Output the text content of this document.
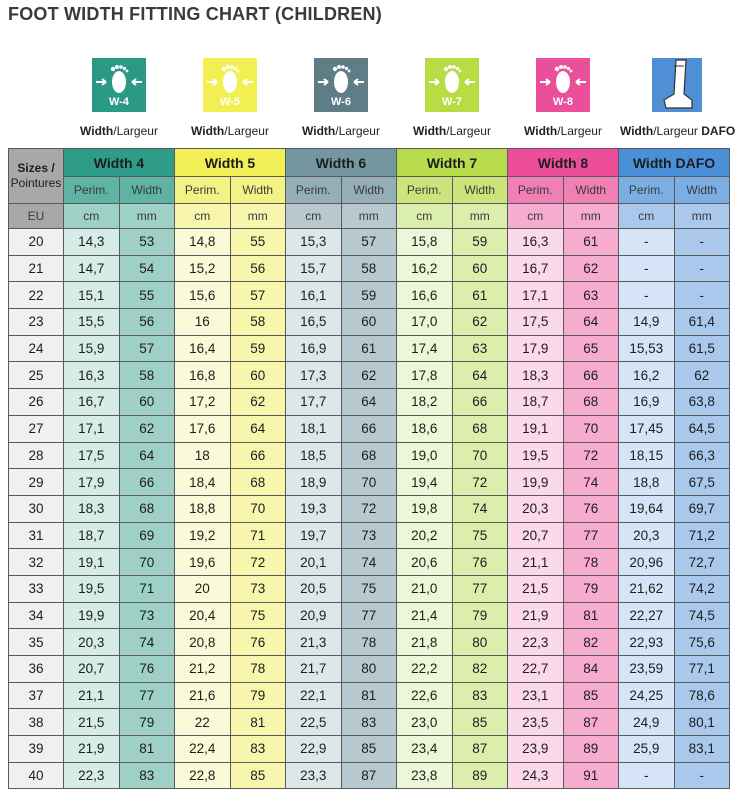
FOOT WIDTH FITTING CHART (CHILDREN)
W-4
Width/Largeur
W-5
Width/Largeur
W-6
Width/Largeur
W-7
Width/Largeur
W-8
Width/Largeur	Width/Largeur DAFO
Sizes /
Pointures	Width 4		Width 5		Width 6		Width 7		Width 8		Width DAFO	
	Perim.	Width	Perim.	Width	Perim.	Width	Perim.	Width	Perim.	Width	Perim.	Width
EU	cm	mm	cm	mm	cm	mm	cm	mm	cm	mm	cm	mm
20	14,3	53	14,8	55	15,3	57	15,8	59	16,3	61	-	-
21	14,7	54	15,2	56	15,7	58	16,2	60	16,7	62	-	-
22	15,1	55	15,6	57	16,1	59	16,6	61	17,1	63	-	-
23	15,5	56	16	58	16,5	60	17,0	62	17,5	64	14,9	61,4
24	15,9	57	16,4	59	16,9	61	17,4	63	17,9	65	15,53	61,5
25	16,3	58	16,8	60	17,3	62	17,8	64	18,3	66	16,2	62
26	16,7	60	17,2	62	17,7	64	18,2	66	18,7	68	16,9	63,8
27	17,1	62	17,6	64	18,1	66	18,6	68	19,1	70	17,45	64,5
28	17,5	64	18	66	18,5	68	19,0	70	19,5	72	18,15	66,3
29	17,9	66	18,4	68	18,9	70	19,4	72	19,9	74	18,8	67,5
30	18,3	68	18,8	70	19,3	72	19,8	74	20,3	76	19,64	69,7
31	18,7	69	19,2	71	19,7	73	20,2	75	20,7	77	20,3	71,2
32	19,1	70	19,6	72	20,1	74	20,6	76	21,1	78	20,96	72,7
33	19,5	71	20	73	20,5	75	21,0	77	21,5	79	21,62	74,2
34	19,9	73	20,4	75	20,9	77	21,4	79	21,9	81	22,27	74,5
35	20,3	74	20,8	76	21,3	78	21,8	80	22,3	82	22,93	75,6
36	20,7	76	21,2	78	21,7	80	22,2	82	22,7	84	23,59	77,1
37	21,1	77	21,6	79	22,1	81	22,6	83	23,1	85	24,25	78,6
38	21,5	79	22	81	22,5	83	23,0	85	23,5	87	24,9	80,1
39	21,9	81	22,4	83	22,9	85	23,4	87	23,9	89	25,9	83,1
40	22,3	83	22,8	85	23,3	87	23,8	89	24,3	91	-	-
